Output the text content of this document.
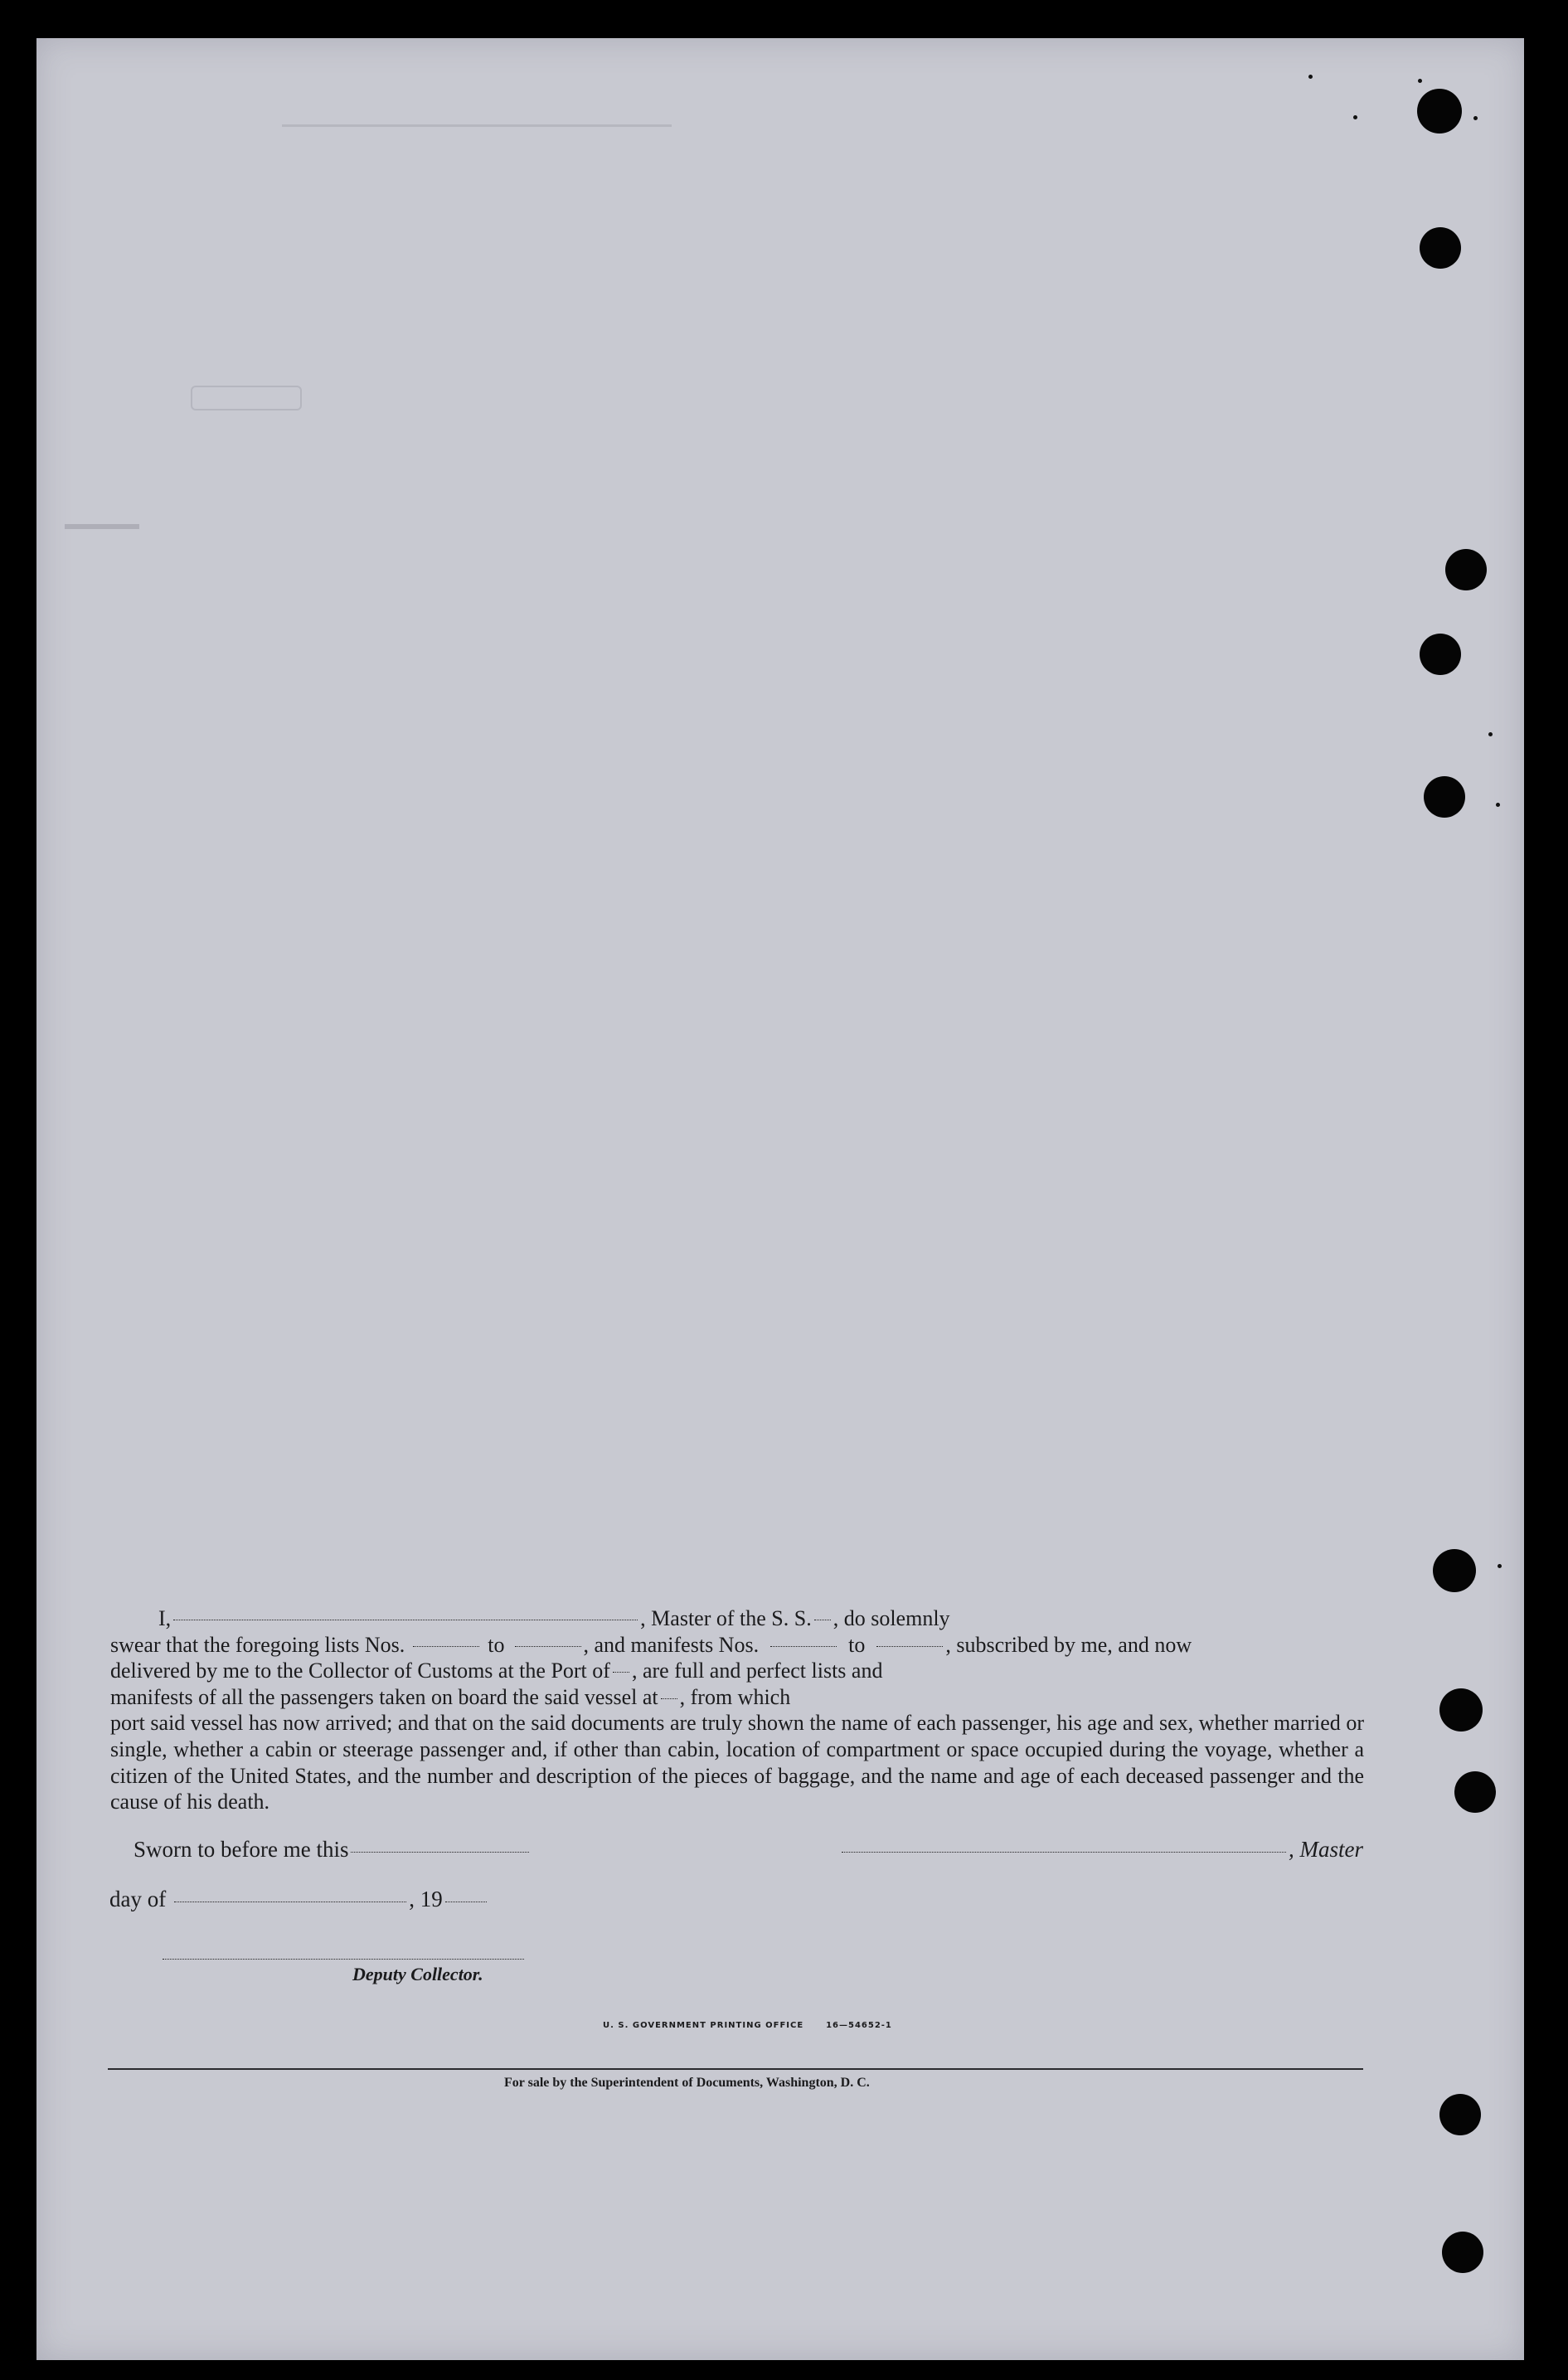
I,	, Master of the S. S. , do solemnly
swear that the foregoing lists Nos.	to	, and manifests Nos.	to	, subscribed by me, and now
delivered by me to the Collector of Customs at the Port of , are full and perfect lists and
manifests of all the passengers taken on board the said vessel at , from which
port said vessel has now arrived; and that on the said documents are truly shown the name of each passenger, his age and sex, whether married or single, whether a cabin or steerage passenger and, if other than cabin, location of compartment or space occupied during the voyage, whether a citizen of the United States, and the number and description of the pieces of baggage, and the name and age of each deceased passenger and the cause of his death.
Sworn to before me this	, Master
day of	, 19
Deputy Collector.
U. S. GOVERNMENT PRINTING OFFICE      16—54652-1
For sale by the Superintendent of Documents, Washington, D. C.
